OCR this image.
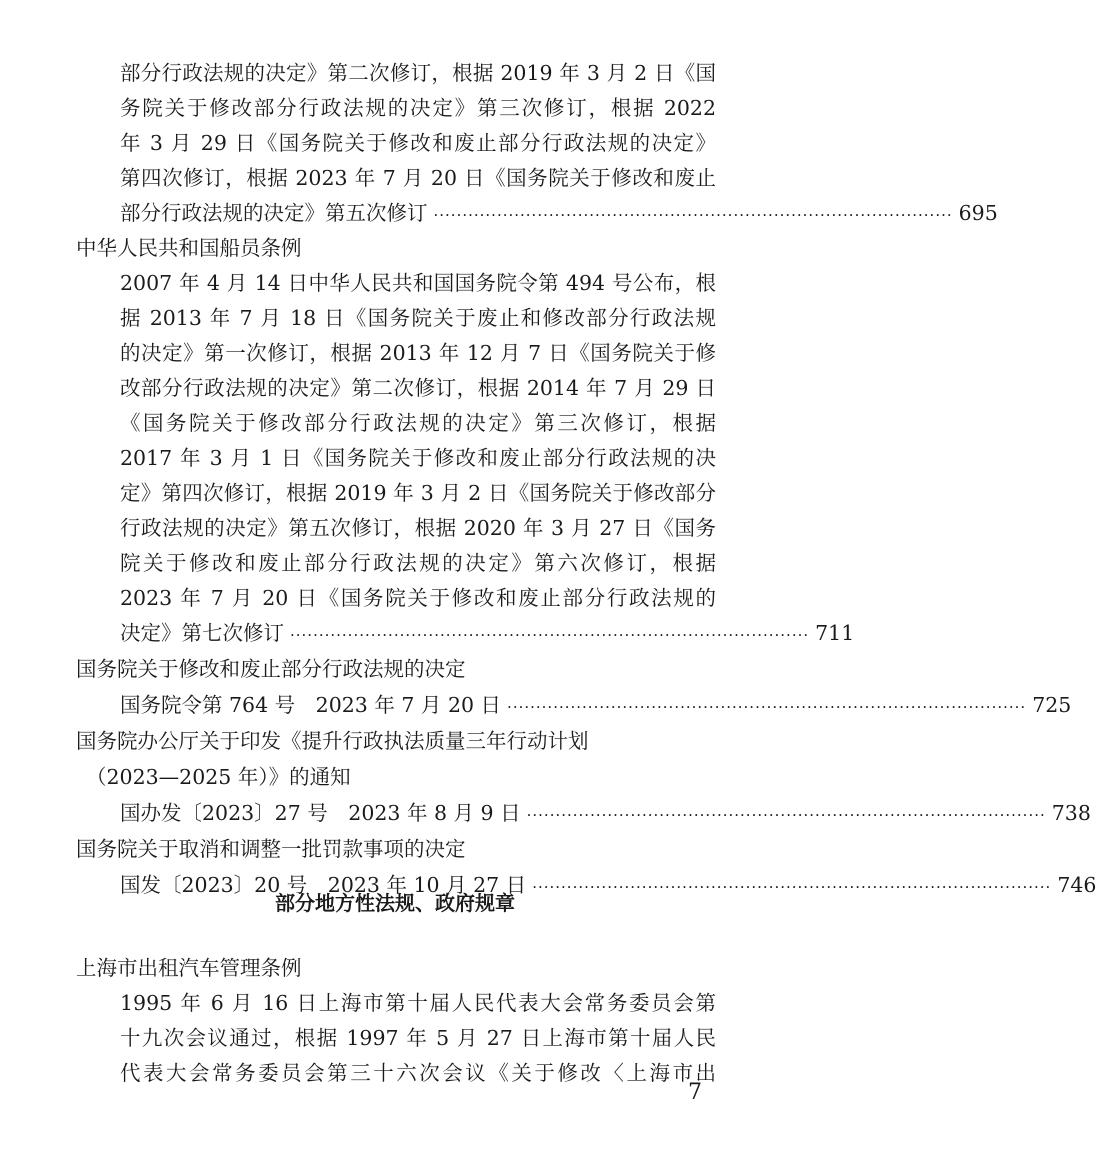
部分行政法规的决定》第二次修订，根据 2019 年 3 月 2 日《国
务院关于修改部分行政法规的决定》第三次修订，根据 2022
年 3 月 29 日《国务院关于修改和废止部分行政法规的决定》
第四次修订，根据 2023 年 7 月 20 日《国务院关于修改和废止
部分行政法规的决定》第五次修订 ·························································································· 695
中华人民共和国船员条例
2007 年 4 月 14 日中华人民共和国国务院令第 494 号公布，根
据 2013 年 7 月 18 日《国务院关于废止和修改部分行政法规
的决定》第一次修订，根据 2013 年 12 月 7 日《国务院关于修
改部分行政法规的决定》第二次修订，根据 2014 年 7 月 29 日
《国务院关于修改部分行政法规的决定》第三次修订，根据
2017 年 3 月 1 日《国务院关于修改和废止部分行政法规的决
定》第四次修订，根据 2019 年 3 月 2 日《国务院关于修改部分
行政法规的决定》第五次修订，根据 2020 年 3 月 27 日《国务
院关于修改和废止部分行政法规的决定》第六次修订，根据
2023 年 7 月 20 日《国务院关于修改和废止部分行政法规的
决定》第七次修订 ·························································································· 711
国务院关于修改和废止部分行政法规的决定
国务院令第 764 号　2023 年 7 月 20 日 ·························································································· 725
国务院办公厅关于印发《提升行政执法质量三年行动计划
（2023—2025 年）》的通知
国办发〔2023〕27 号　2023 年 8 月 9 日 ·························································································· 738
国务院关于取消和调整一批罚款事项的决定
国发〔2023〕20 号　2023 年 10 月 27 日 ·························································································· 746
部分地方性法规、政府规章
上海市出租汽车管理条例
1995 年 6 月 16 日上海市第十届人民代表大会常务委员会第
十九次会议通过，根据 1997 年 5 月 27 日上海市第十届人民
代表大会常务委员会第三十六次会议《关于修改〈上海市出
7
